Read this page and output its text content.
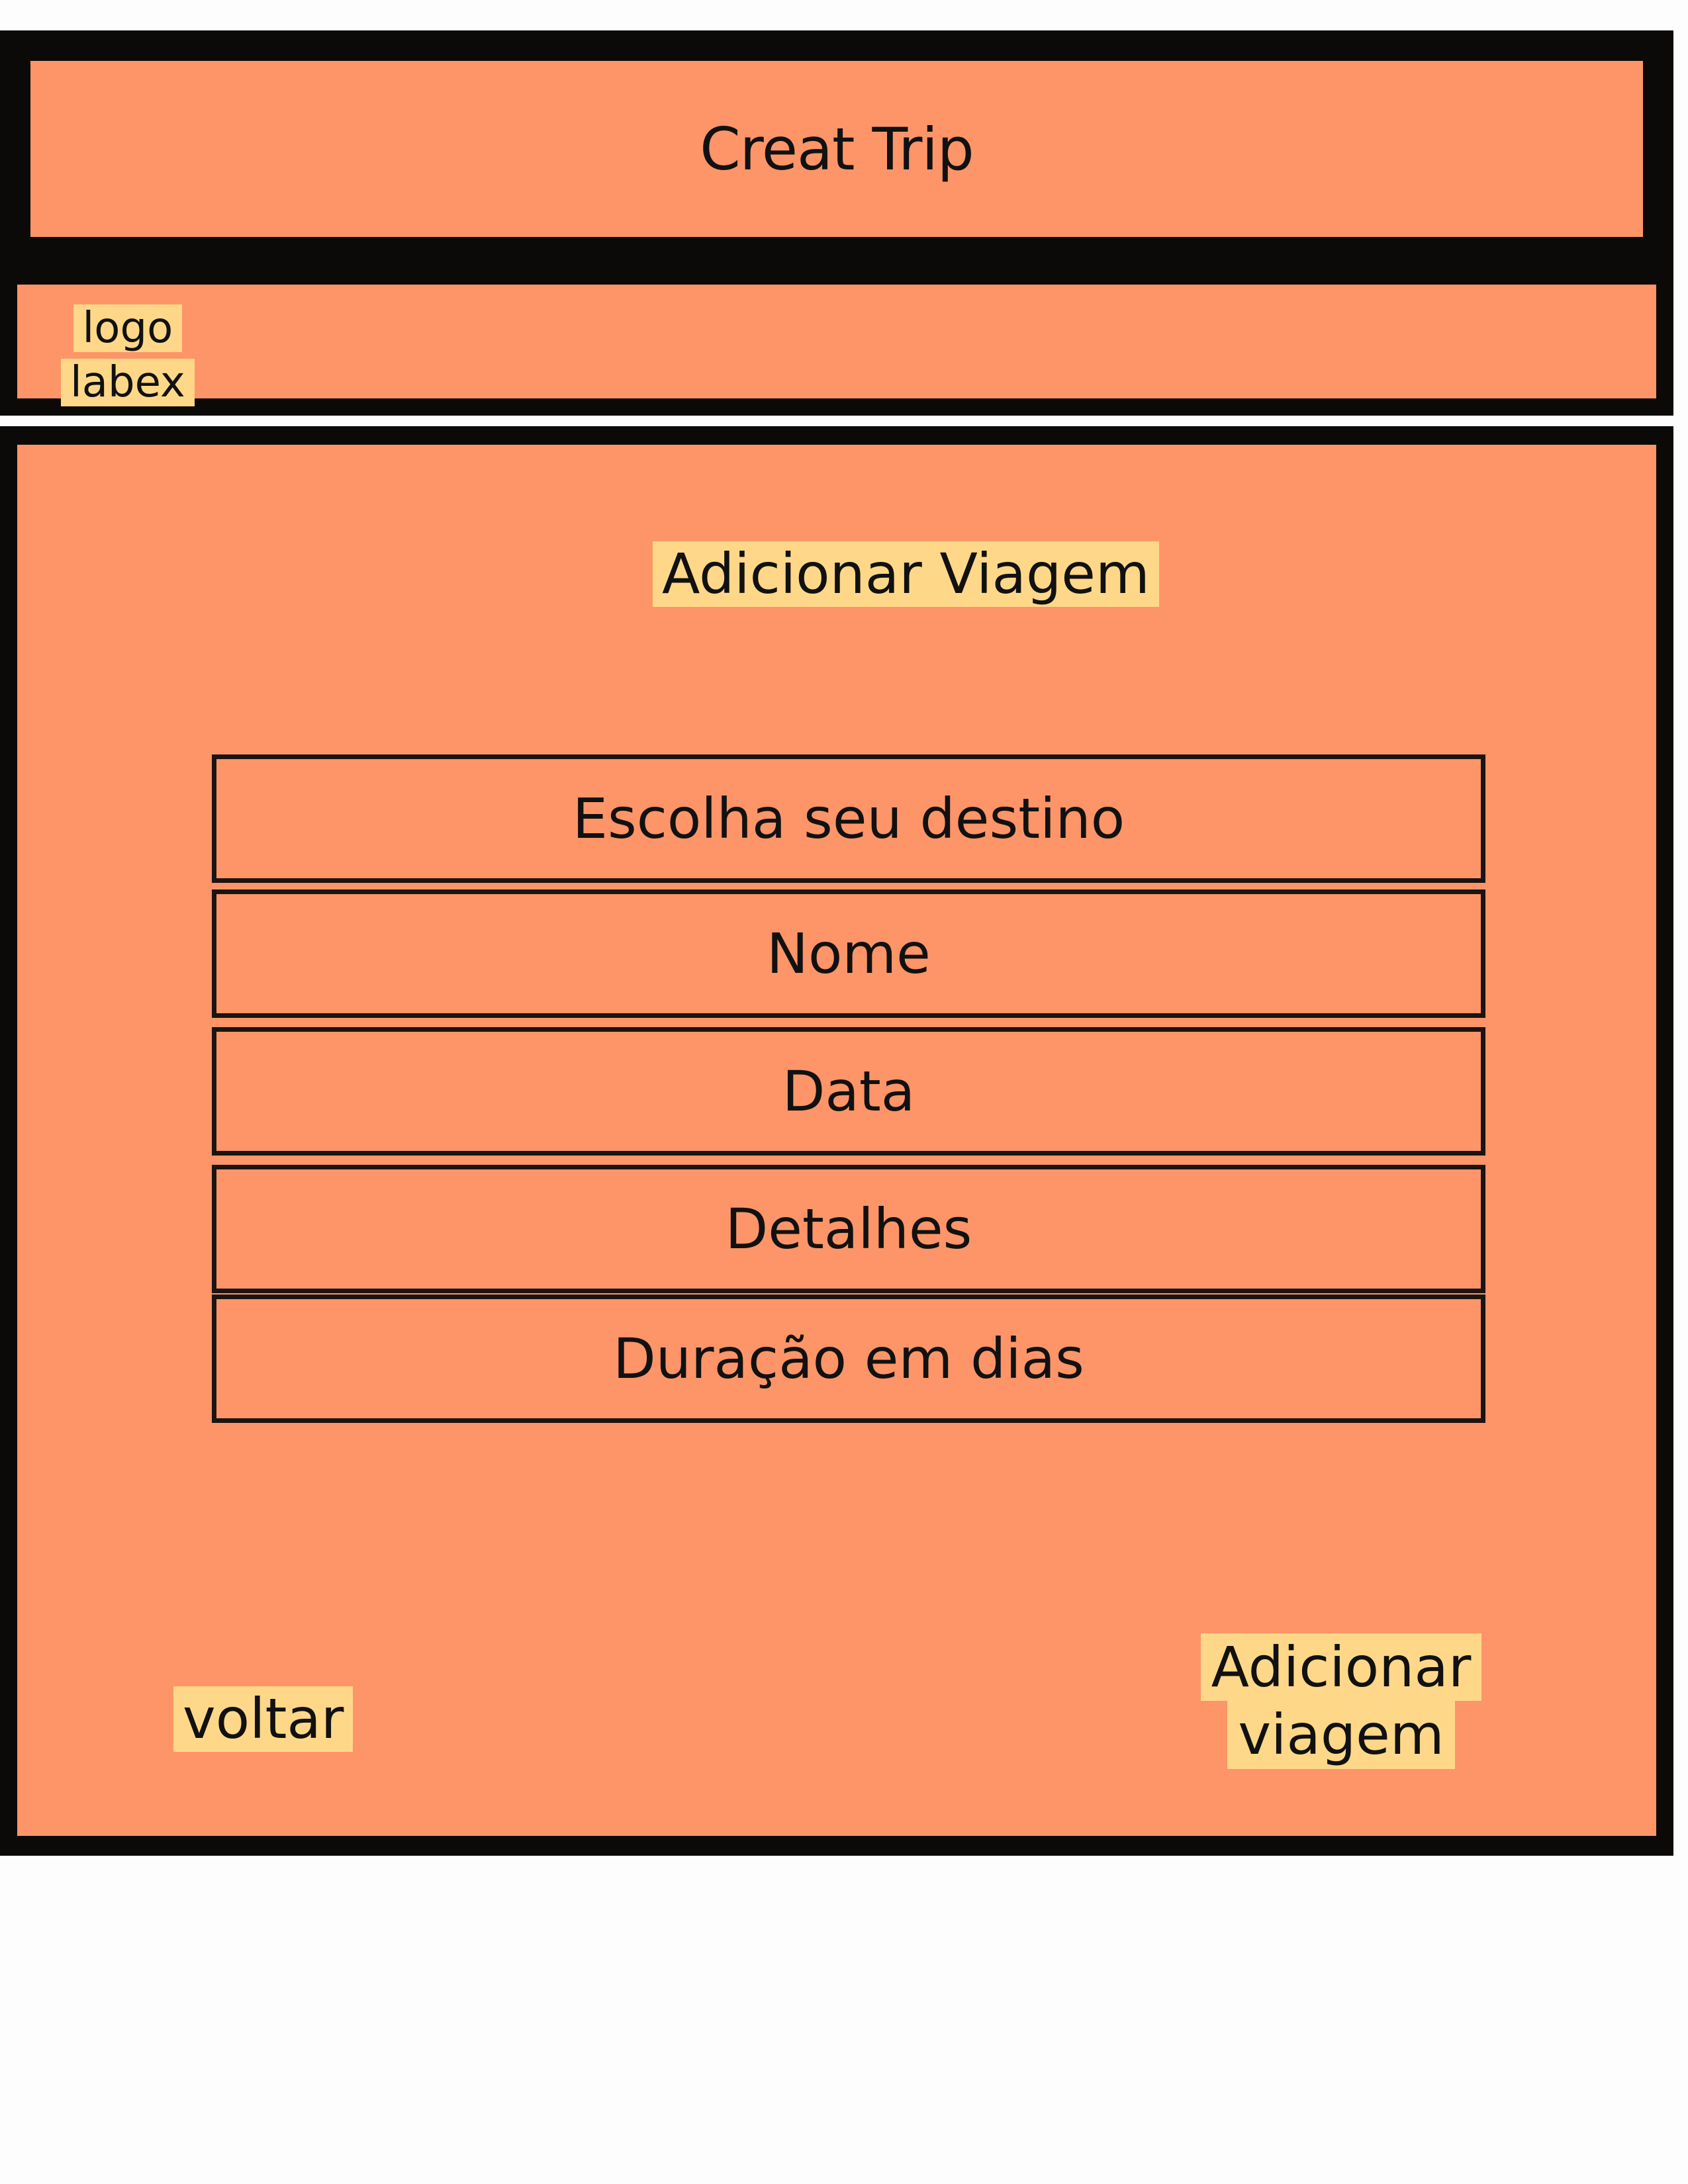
Creat Trip
logo
labex
Adicionar Viagem
Escolha seu destino
Nome
Data
Detalhes
Duração em dias
voltar
Adicionar
viagem
